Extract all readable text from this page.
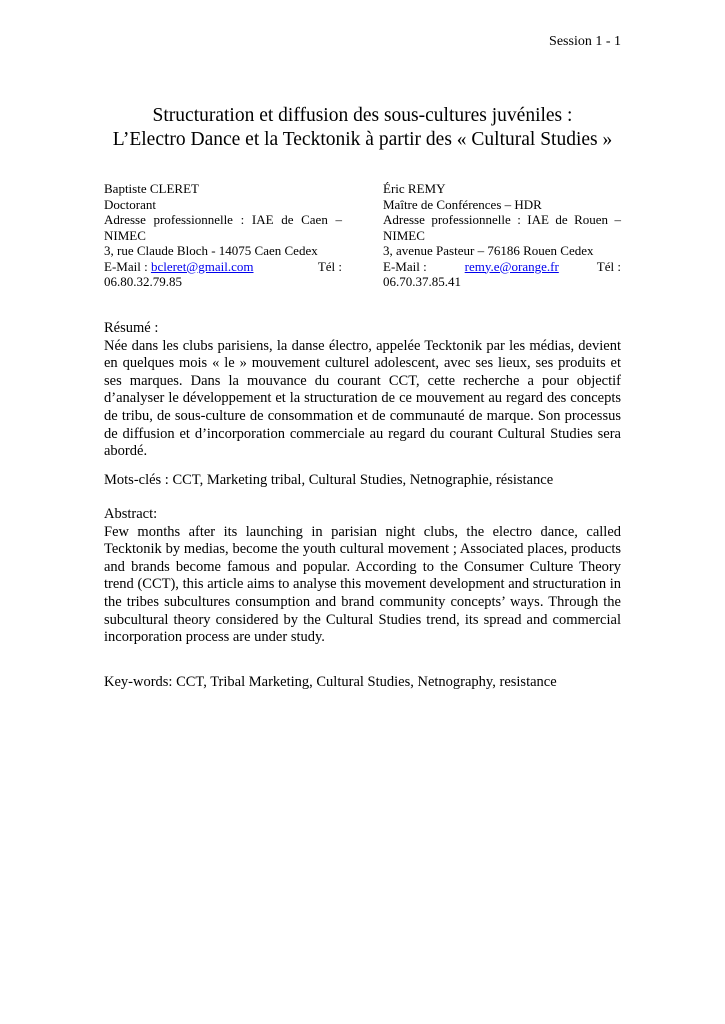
Session 1 - 1
Structuration et diffusion des sous-cultures juvéniles :
L’Electro Dance et la Tecktonik à partir des « Cultural Studies »
Baptiste CLERET
Doctorant
Adresse professionnelle : IAE de Caen –
NIMEC
3, rue Claude Bloch - 14075 Caen Cedex
E-Mail : bcleret@gmail.com	Tél :
06.80.32.79.85
Éric REMY
Maître de Conférences – HDR
Adresse professionnelle : IAE de Rouen –
NIMEC
3, avenue Pasteur – 76186 Rouen Cedex
E-Mail :	remy.e@orange.fr	Tél :
06.70.37.85.41

Résumé :

Née dans les clubs parisiens, la danse électro, appelée Tecktonik par les médias, devient en quelques mois « le » mouvement culturel adolescent, avec ses lieux, ses produits et ses marques. Dans la mouvance du courant CCT, cette recherche a pour objectif d’analyser le développement et la structuration de ce mouvement au regard des concepts de tribu, de sous-culture de consommation et de communauté de marque. Son processus de diffusion et d’incorporation commerciale au regard du courant Cultural Studies sera abordé.

Mots-clés : CCT, Marketing tribal, Cultural Studies, Netnographie, résistance

Abstract:

Few months after its launching in parisian night clubs, the electro dance, called Tecktonik by medias, become the youth cultural movement ; Associated places, products and brands become famous and popular. According to the Consumer Culture Theory trend (CCT), this article aims to analyse this movement development and structuration in the tribes subcultures consumption and brand community concepts’ ways. Through the subcultural theory considered by the Cultural Studies trend, its spread and commercial incorporation process are under study.

Key-words: CCT, Tribal Marketing, Cultural Studies, Netnography, resistance
